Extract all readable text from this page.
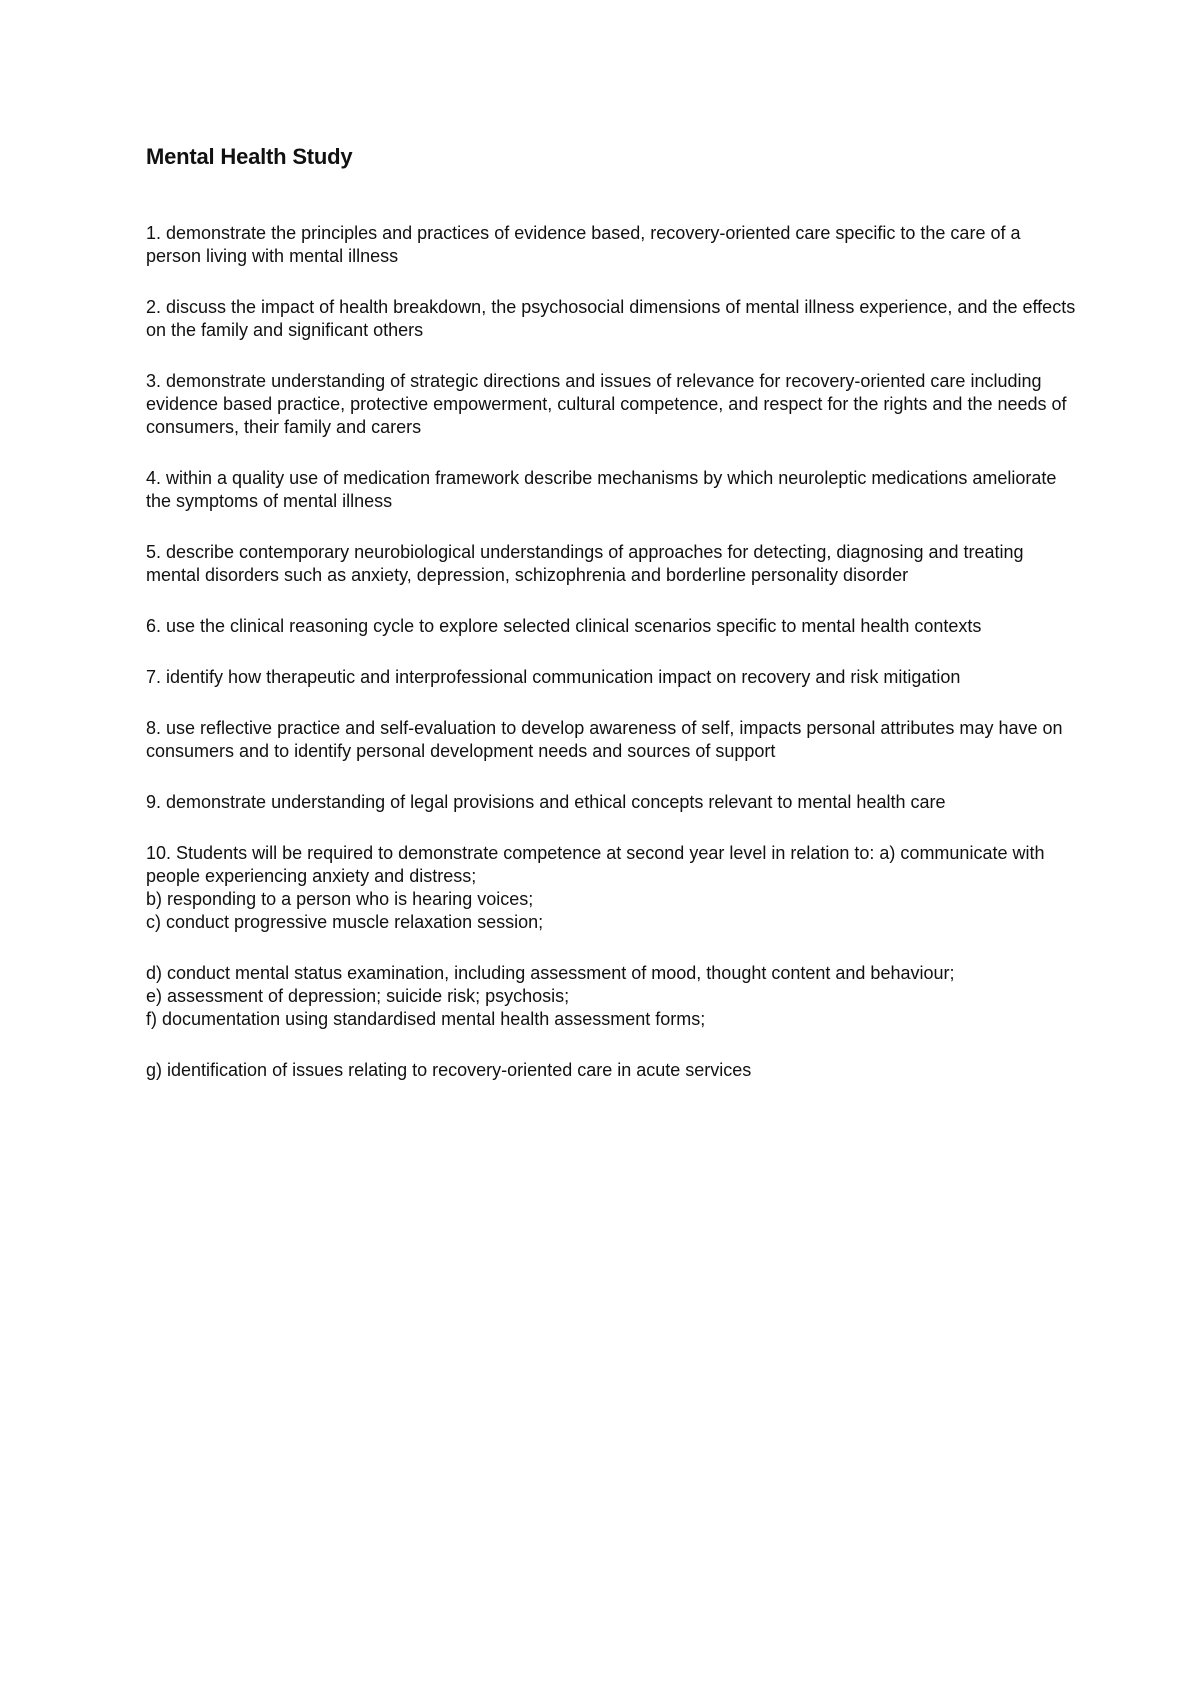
Mental Health Study
1. demonstrate the principles and practices of evidence based, recovery-oriented care specific to the care of a person living with mental illness
2. discuss the impact of health breakdown, the psychosocial dimensions of mental illness experience, and the effects on the family and significant others
3. demonstrate understanding of strategic directions and issues of relevance for recovery-oriented care including evidence based practice, protective empowerment, cultural competence, and respect for the rights and the needs of consumers, their family and carers
4. within a quality use of medication framework describe mechanisms by which neuroleptic medications ameliorate the symptoms of mental illness
5. describe contemporary neurobiological understandings of approaches for detecting, diagnosing and treating mental disorders such as anxiety, depression, schizophrenia and borderline personality disorder
6. use the clinical reasoning cycle to explore selected clinical scenarios specific to mental health contexts
7. identify how therapeutic and interprofessional communication impact on recovery and risk mitigation
8. use reflective practice and self-evaluation to develop awareness of self, impacts personal attributes may have on consumers and to identify personal development needs and sources of support
9. demonstrate understanding of legal provisions and ethical concepts relevant to mental health care

10. Students will be required to demonstrate competence at second year level in relation to: a) communicate with people experiencing anxiety and distress;

b) responding to a person who is hearing voices;

c) conduct progressive muscle relaxation session;

d) conduct mental status examination, including assessment of mood, thought content and behaviour;

e) assessment of depression; suicide risk; psychosis;

f) documentation using standardised mental health assessment forms;

g) identification of issues relating to recovery-oriented care in acute services
